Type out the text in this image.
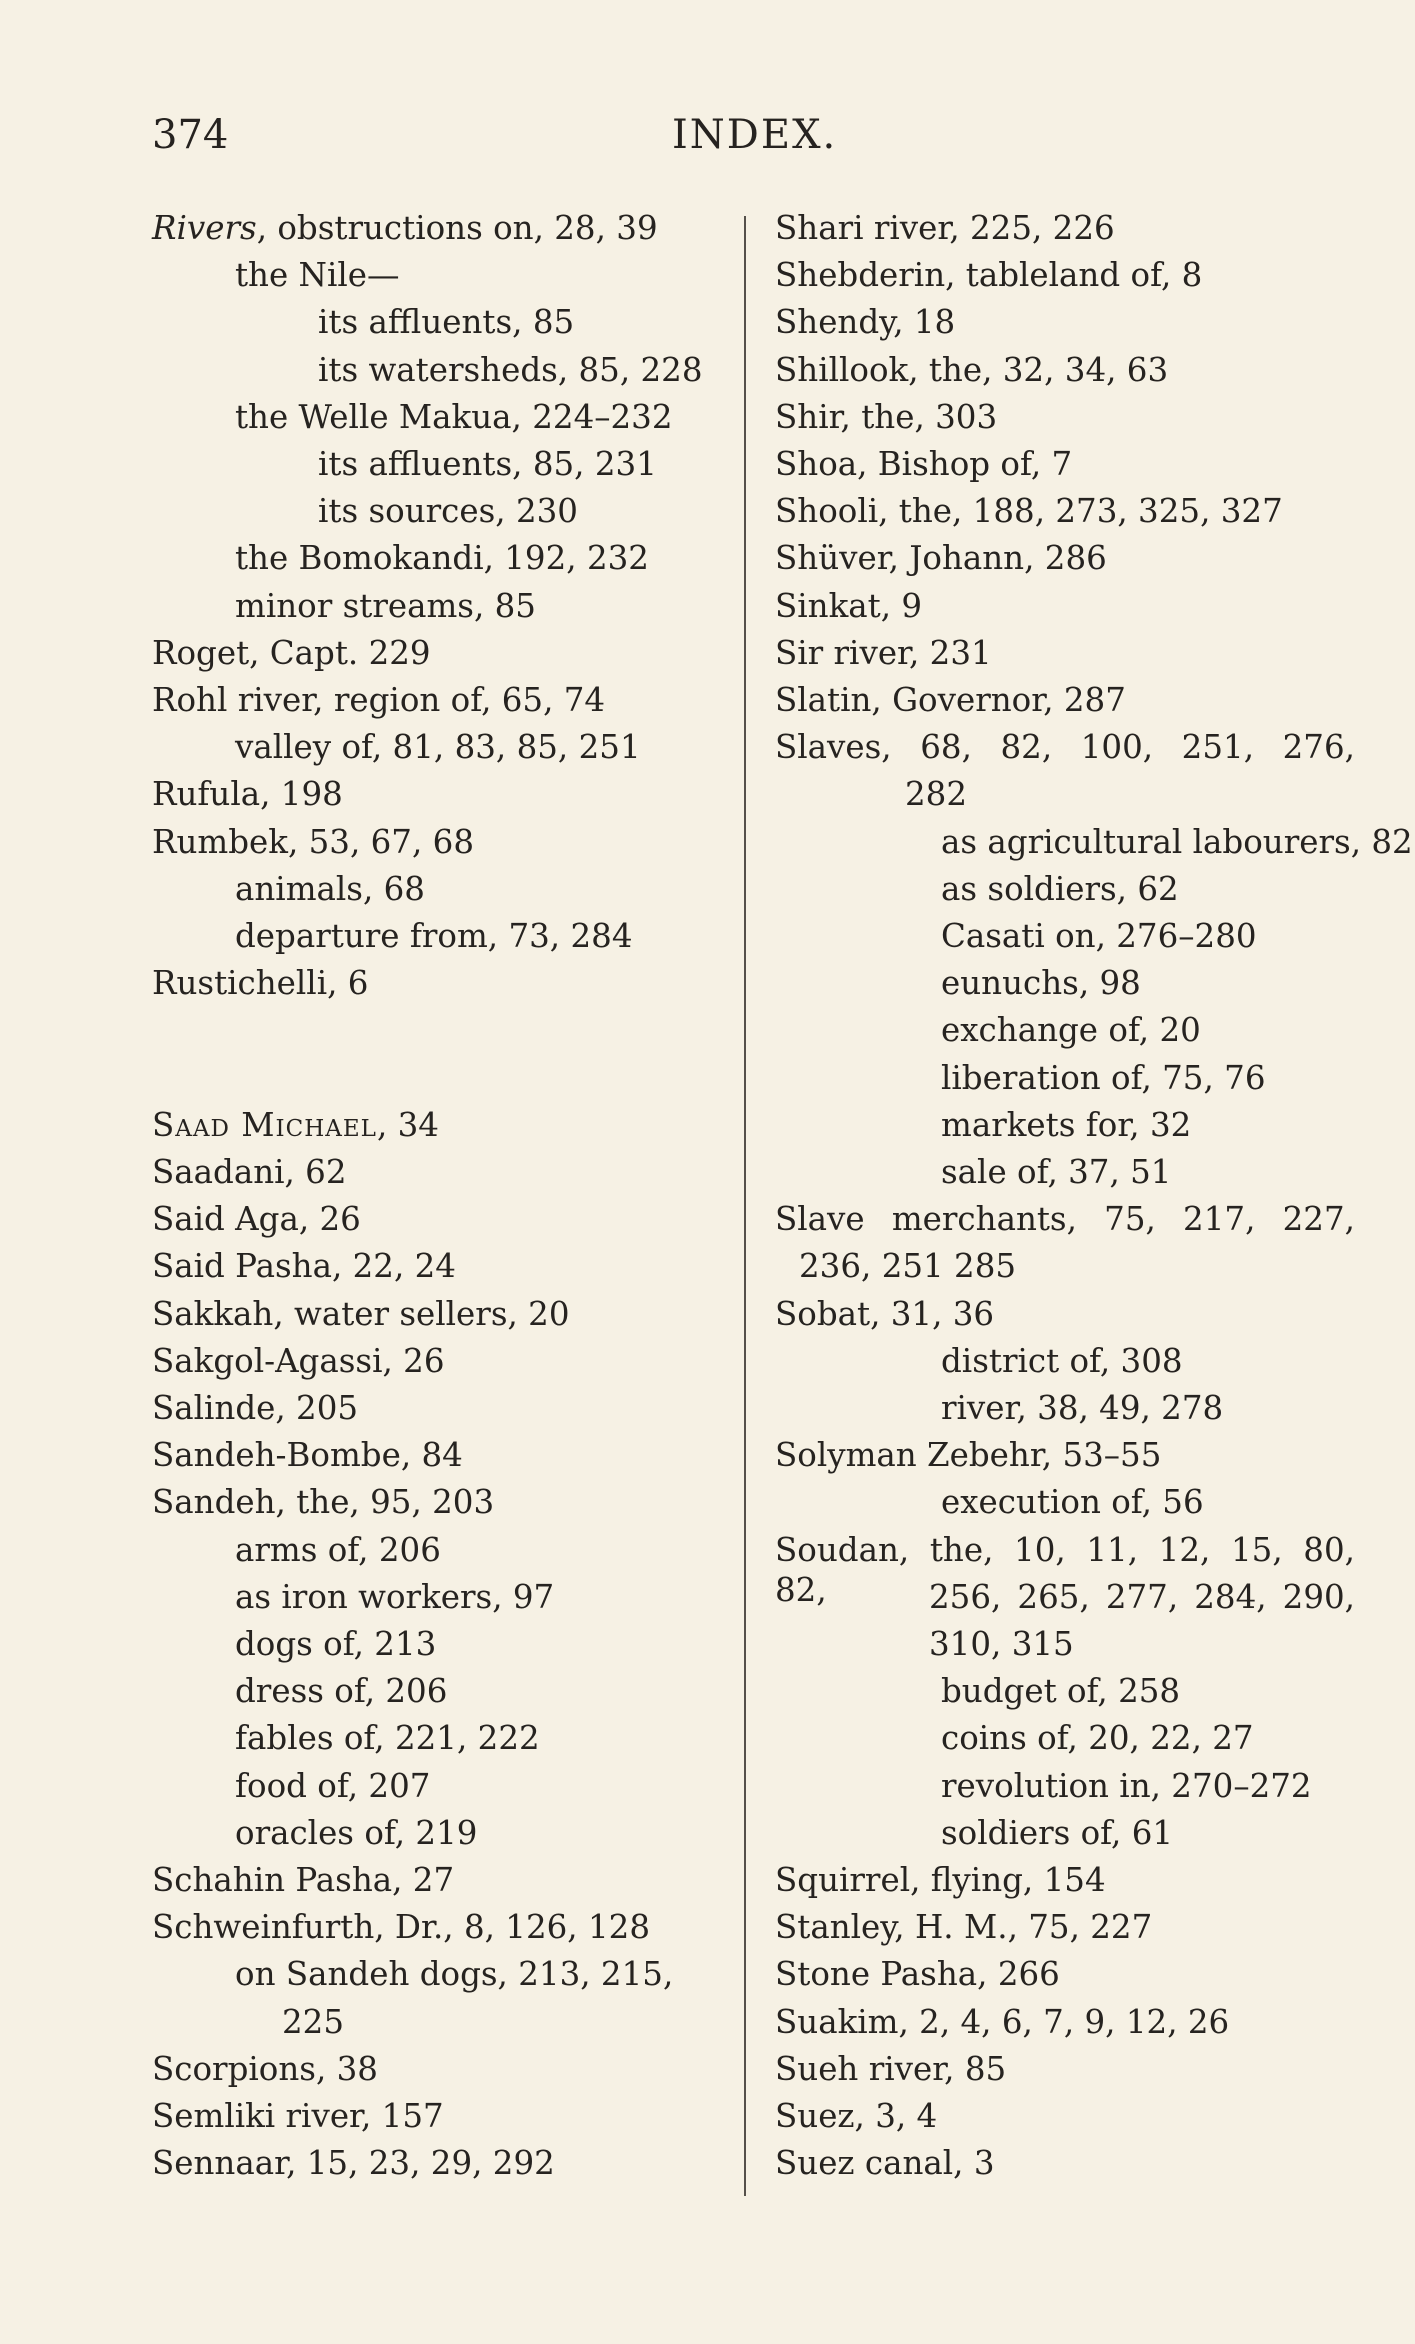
374	INDEX.
Rivers, obstructions on, 28, 39
the Nile—
its affluents, 85
its watersheds, 85, 228
the Welle Makua, 224–232
its affluents, 85, 231
its sources, 230
the Bomokandi, 192, 232
minor streams, 85
Roget, Capt. 229
Rohl river, region of, 65, 74
valley of, 81, 83, 85, 251
Rufula, 198
Rumbek, 53, 67, 68
animals, 68
departure from, 73, 284
Rustichelli, 6
Saad Michael, 34
Saadani, 62
Said Aga, 26
Said Pasha, 22, 24
Sakkah, water sellers, 20
Sakgol-Agassi, 26
Salinde, 205
Sandeh-Bombe, 84
Sandeh, the, 95, 203
arms of, 206
as iron workers, 97
dogs of, 213
dress of, 206
fables of, 221, 222
food of, 207
oracles of, 219
Schahin Pasha, 27
Schweinfurth, Dr., 8, 126, 128
on Sandeh dogs, 213, 215,
225
Scorpions, 38
Semliki river, 157
Sennaar, 15, 23, 29, 292
Shari river, 225, 226
Shebderin, tableland of, 8
Shendy, 18
Shillook, the, 32, 34, 63
Shir, the, 303
Shoa, Bishop of, 7
Shooli, the, 188, 273, 325, 327
Shüver, Johann, 286
Sinkat, 9
Sir river, 231
Slatin, Governor, 287
Slaves, 68, 82, 100, 251, 276,
282
as agricultural labourers, 82
as soldiers, 62
Casati on, 276–280
eunuchs, 98
exchange of, 20
liberation of, 75, 76
markets for, 32
sale of, 37, 51
Slave merchants, 75, 217, 227,
236, 251 285
Sobat, 31, 36
district of, 308
river, 38, 49, 278
Solyman Zebehr, 53–55
execution of, 56
Soudan, the, 10, 11, 12, 15, 80, 82,	256, 265, 277, 284, 290,
310, 315
budget of, 258
coins of, 20, 22, 27
revolution in, 270–272
soldiers of, 61
Squirrel, flying, 154
Stanley, H. M., 75, 227
Stone Pasha, 266
Suakim, 2, 4, 6, 7, 9, 12, 26
Sueh river, 85
Suez, 3, 4
Suez canal, 3
